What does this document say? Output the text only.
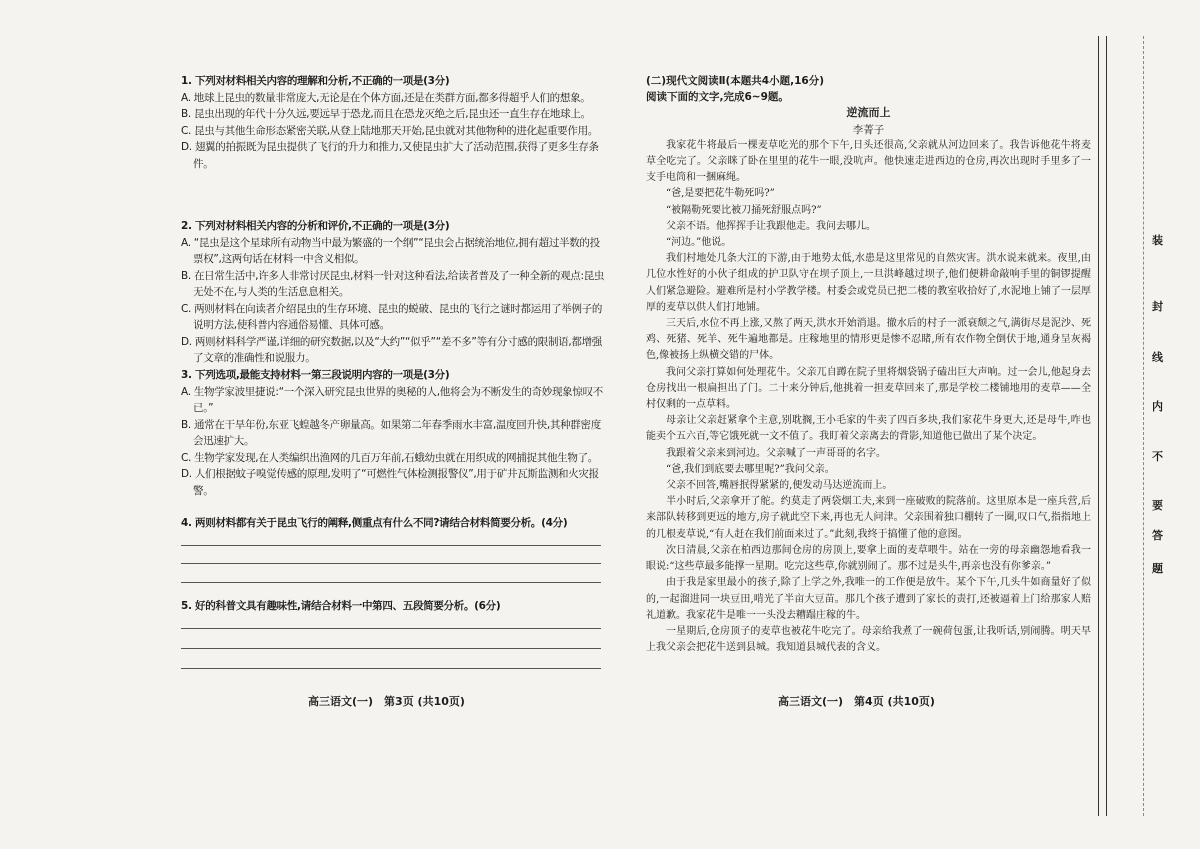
1. 下列对材料相关内容的理解和分析,不正确的一项是(3分)
A. 地球上昆虫的数量非常庞大,无论是在个体方面,还是在类群方面,都多得超乎人们的想象。
B. 昆虫出现的年代十分久远,要远早于恐龙,而且在恐龙灭绝之后,昆虫还一直生存在地球上。
C. 昆虫与其他生命形态紧密关联,从登上陆地那天开始,昆虫就对其他物种的进化起重要作用。
D. 翅翼的拍振既为昆虫提供了飞行的升力和推力,又使昆虫扩大了活动范围,获得了更多生存条件。
2. 下列对材料相关内容的分析和评价,不正确的一项是(3分)
A. “昆虫是这个星球所有动物当中最为繁盛的一个纲”“昆虫会占据统治地位,拥有超过半数的投票权”,这两句话在材料一中含义相似。
B. 在日常生活中,许多人非常讨厌昆虫,材料一针对这种看法,给读者普及了一种全新的观点:昆虫无处不在,与人类的生活息息相关。
C. 两则材料在向读者介绍昆虫的生存环境、昆虫的蜕破、昆虫的飞行之谜时都运用了举例子的说明方法,使科普内容通俗易懂、具体可感。
D. 两则材料科学严谨,详细的研究数据,以及“大约”“似乎”“差不多”等有分寸感的限制语,都增强了文章的准确性和说服力。
3. 下列选项,最能支持材料一第三段说明内容的一项是(3分)
A. 生物学家波里捷说:“一个深入研究昆虫世界的奥秘的人,他将会为不断发生的奇妙现象惊叹不已。”
B. 通常在干旱年份,东亚飞蝗越冬产卵量高。如果第二年春季雨水丰富,温度回升快,其种群密度会迅速扩大。
C. 生物学家发现,在人类编织出渔网的几百万年前,石蛾幼虫就在用织成的网捕捉其他生物了。
D. 人们根据蚊子嗅觉传感的原理,发明了“可燃性气体检测报警仪”,用于矿井瓦斯监测和火灾报警。
4. 两则材料都有关于昆虫飞行的阐释,侧重点有什么不同?请结合材料简要分析。(4分)
5. 好的科普文具有趣味性,请结合材料一中第四、五段简要分析。(6分)
高三语文(一)　第3页 (共10页)
(二)现代文阅读Ⅱ(本题共4小题,16分)
阅读下面的文字,完成6~9题。
逆流而上
李菁子

我家花牛将最后一棵麦草吃光的那个下午,日头还很高,父亲就从河边回来了。我告诉他花牛将麦草全吃完了。父亲眯了卧在里里的花牛一眼,没吭声。他快速走进西边的仓房,再次出现时手里多了一支手电筒和一捆麻绳。

“爸,是要把花牛勒死吗?”

“被隔勒死要比被刀捅死舒服点吗?”

父亲不语。他挥挥手让我跟他走。我问去哪儿。

“河边。”他说。

我们村地处几条大江的下游,由于地势太低,水患是这里常见的自然灾害。洪水说来就来。夜里,由几位水性好的小伙子组成的护卫队守在坝子顶上,一旦洪峰越过坝子,他们便耕命敲响手里的铜锣提醒人们紧急避险。避难所是村小学教学楼。村委会或党员已把二楼的教室收拾好了,水泥地上铺了一层厚厚的麦草以供人们打地铺。

三天后,水位不再上涨,又熬了两天,洪水开始消退。撤水后的村子一派衰颓之气,满街尽是泥沙、死鸡、死猪、死羊、死牛遍地都是。庄稼地里的情形更是惨不忍睹,所有农作物全倒伏于地,通身呈灰褐色,像被扬上纵横交错的尸体。

我问父亲打算如何处理花牛。父亲兀自蹲在院子里将烟袋锅子磕出巨大声响。过一会儿,他起身去仓房找出一根扁担出了门。二十来分钟后,他挑着一担麦草回来了,那是学校二楼铺地用的麦草——全村仅剩的一点草料。

母亲让父亲赶紧拿个主意,别耽搁,王小毛家的牛卖了四百多块,我们家花牛身更大,还是母牛,咋也能卖个五六百,等它饿死就一文不值了。我盯着父亲离去的背影,知道他已做出了某个决定。

我跟着父亲来到河边。父亲喊了一声哥哥的名字。

“爸,我们到底要去哪里呢?”我问父亲。

父亲不回答,嘴唇抿得紧紧的,便发动马达逆流而上。

半小时后,父亲拿开了舵。约莫走了两袋烟工夫,来到一座破败的院落前。这里原本是一座兵营,后来部队转移到更远的地方,房子就此空下来,再也无人问津。父亲围着独口棚转了一圈,叹口气,指指地上的几根麦草说,“有人赶在我们前面来过了。”此刻,我终于搞懂了他的意图。

次日清晨,父亲在柏西边那间仓房的房顶上,要拿上面的麦草喂牛。站在一旁的母亲幽怨地看我一眼说:“这些草最多能撑一星期。吃完这些草,你就别闹了。那不过是头牛,再亲也没有你爹亲。”

由于我是家里最小的孩子,除了上学之外,我唯一的工作便是放牛。某个下午,几头牛如商量好了似的,一起溜进同一块豆田,啃光了半亩大豆苗。那几个孩子遭到了家长的责打,还被逼着上门给那家人赔礼道歉。我家花牛是唯一一头没去糟蹋庄稼的牛。

一星期后,仓房顶子的麦草也被花牛吃完了。母亲给我煮了一碗荷包蛋,让我听话,别闹腾。明天早上我父亲会把花牛送到县城。我知道县城代表的含义。

高三语文(一)　第4页 (共10页)
装
封
线
内
不
要
答
题
